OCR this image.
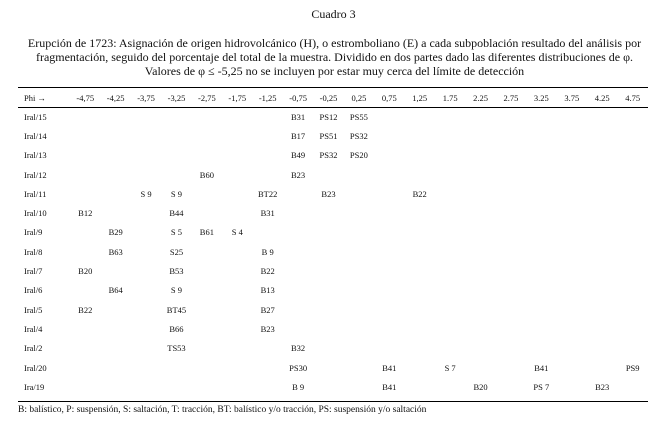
Cuadro 3
Erupción de 1723: Asignación de origen hidrovolcánico (H), o estromboliano (E) a cada subpoblación resultado del análisis por
fragmentación, seguido del porcentaje del total de la muestra. Dividido en dos partes dado las diferentes distribuciones de φ.
Valores de φ ≤ -5,25 no se incluyen por estar muy cerca del límite de detección
Phi →	-4,75	-4,25	-3,75	-3,25	-2,75	-1,75	-1,25	-0,75	-0,25	0,25	0,75	1,25	1.75	2.25	2.75	3.25	3.75	4.25	4.75
Iral/15								B31	PS12	PS55									
Iral/14								B17	PS51	PS32									
Iral/13								B49	PS32	PS20									
Iral/12					B60			B23											
Iral/11			S 9	S 9			BT22		B23			B22							
Iral/10	B12			B44			B31												
Iral/9		B29		S 5	B61	S 4													
Iral/8		B63		S25			B 9												
Iral/7	B20			B53			B22												
Iral/6		B64		S 9			B13												
Iral/5	B22			BT45			B27												
Iral/4				B66			B23												
Iral/2				TS53				B32											
Iral/20								PS30			B41		S 7			B41			PS9
Ira/19								B 9			B41			B20		PS 7		B23	
B: balístico, P: suspensión, S: saltación, T: tracción, BT: balístico y/o tracción, PS: suspensión y/o saltación
